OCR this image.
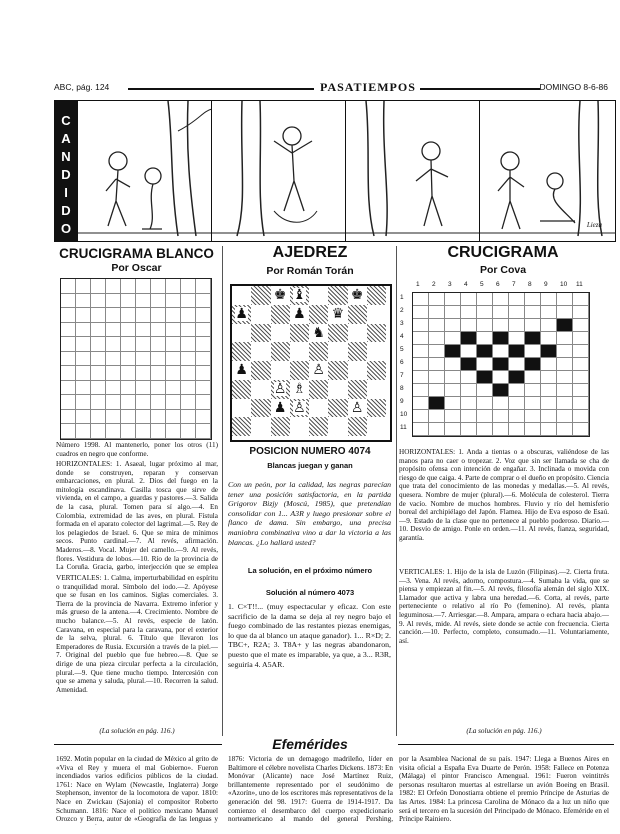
ABC, pág. 124	PASATIEMPOS	DOMINGO 8-6-86
C
A
N
D
I
D
O	Lieza
CRUCIGRAMA BLANCO
Por Oscar
Número 1998. Al mantenerlo, poner los otros (11) cuadros en negro que conforme.
HORIZONTALES: 1. Asaeal, lugar próximo al mar, donde se construyen, reparan y conservan embarcaciones, en plural. 2. Dios del fuego en la mitología escandinava. Casilla tosca que sirve de vivienda, en el campo, a guardas y pastores.—3. Salida de la casa, plural. Tomen para sí algo.—4. En Colombia, extremidad de las aves, en plural. Fístula formada en el aparato colector del lagrimal.—5. Rey de los pelagiedos de Israel. 6. Que se mira de mínimos secos. Punto cardinal.—7. Al revés, afirmación. Maderos.—8. Vocal. Mujer del camello.—9. Al revés, flores. Vestidura de lobos.—10. Río de la provincia de La Coruña. Gracia, garbo, interjección que se emplea
VERTICALES: 1. Calma, imperturbabilidad en espíritu o tranquilidad moral. Símbolo del iodo.—2. Apóyese que se fusan en los caminos. Siglas comerciales. 3. Tierra de la provincia de Navarra. Extremo inferior y más grueso de la antena.—4. Crecimiento. Nombre de mucho balance.—5. Al revés, especie de latón. Caravana, en especial para la caravana, por el exterior de la selva, plural. 6. Título que llevaron los Emperadores de Rusia. Excursión a través de la piel.—7. Original del pueblo que fue hebreo.—8. Que se dirige de una pieza circular perfecta a la circulación, plural.—9. Que tiene mucho tiempo. Intercesión con que se amena y saluda, plural.—10. Recorren la salud. Amenidad.
(La solución en pág. 116.)
AJEDREZ
Por Román Torán
♚ ♝	♚
♟	♟ ♛
♞
♟	♙
♙ ♗
♟ ♙	♙
POSICION NUMERO 4074
Blancas juegan y ganan
Con un peón, por la calidad, las negras parecían tener una posición satisfactoria, en la partida Grigorov Bizjy (Moscú, 1985), que pretendían consolidar con 1... A3R y luego presionar sobre el flanco de dama. Sin embargo, una precisa maniobra combinativa vino a dar la victoria a las blancas. ¿Lo hallará usted?
La solución, en el próximo número
Solución al número 4073
1. C×T!!... (muy espectacular y eficaz. Con este sacrificio de la dama se deja al rey negro bajo el fuego combinado de las restantes piezas enemigas, lo que da al blanco un ataque ganador). 1... R×D; 2. TBC+, R2A; 3. T8A+ y las negras abandonaron, puesto que el mate es imparable, ya que, a 3... R3R, seguiría 4. A5AR.
CRUCIGRAMA
Por Cova
1 2 3 4 5 6 7 8 9 10 11
1
2
3
4
5
6
7
8
9
10
11
HORIZONTALES: 1. Anda a tientas o a obscuras, valiéndose de las manos para no caer o tropezar. 2. Voz que sin ser llamada se cha de propósito ofensa con intención de engañar. 3. Inclinada o movida con riesgo de que caiga. 4. Parte de comprar o el dueño en propósito. Ciencia que trata del conocimiento de las monedas y medallas.—5. Al revés, quesera. Nombre de mujer (plural).—6. Molécula de colesterol. Tierra de vacío. Nombre de muchos hombres. Fluvio y río del hemisferio boreal del archipiélago del Japón. Flamea. Hijo de Eva esposo de Esaú.—9. Estado de la clase que no pertenece al pueblo poderoso. Diario.—10. Desvío de amigo. Ponle en orden.—11. Al revés, fianza, seguridad, garantía.
VERTICALES: 1. Hijo de la isla de Luzón (Filipinas).—2. Cierta fruta.—3. Vena. Al revés, adorno, compostura.—4. Sumaba la vida, que se piensa y empiezan al fin.—5. Al revés, filosofía alemán del siglo XIX. Llamador que activa y labra una heredad.—6. Corta, al revés, parte perteneciente o relativo al río Po (femenino). Al revés, planta leguminosa.—7. Arriesgar.—8. Ampara, ampara o echara hacia abajo.—9. Al revés, mide. Al revés, siete donde se actúe con frecuencia. Cierta canción.—10. Perfecto, completo, consumado.—11. Voluntariamente, así.
(La solución en pág. 116.)
Efemérides
1692. Motín popular en la ciudad de México al grito de «Viva el Rey y muera el mal Gobierno». Fueron incendiados varios edificios públicos de la ciudad. 1761: Nace en Wylam (Newcastle, Inglaterra) Jorge Stephenson, inventor de la locomotora de vapor. 1810: Nace en Zwickau (Sajonia) el compositor Roberto Schumann. 1816: Nace el político mexicano Manuel Orozco y Berra, autor de «Geografía de las lenguas y
1876: Victoria de un demagogo madrileño, líder en Baltimore el célebre novelista Charles Dickens. 1873: En Monóvar (Alicante) nace José Martínez Ruiz, brillantemente representado por el seudónimo de «Azorín», uno de los escritores más representativos de la generación del 98. 1917: Guerra de 1914-1917. Da comienzo el desembarco del cuerpo expedicionario norteamericano al mando del general Pershing,
por la Asamblea Nacional de su país. 1947: Llega a Buenos Aires en visita oficial a España Eva Duarte de Perón. 1958: Fallece en Potenza (Málaga) el pintor Francisco Amengual. 1961: Fueron veintitrés personas resultaron muertas al estrellarse un avión Boeing en Brasil. 1982: El Orfeón Donostiarra obtiene el premio Príncipe de Asturias de las Artes. 1984: La princesa Carolina de Mónaco da a luz un niño que será el tercero en la sucesión del Principado de Mónaco. Efeméride en el Príncipe Rainiero.
